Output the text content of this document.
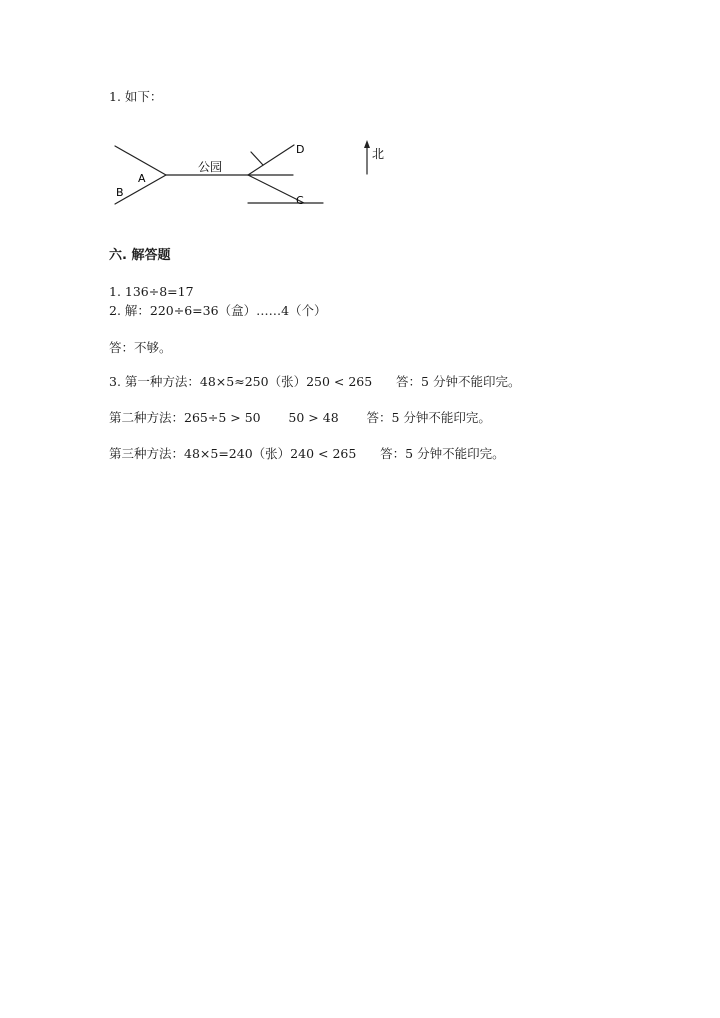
1. 如下：
公园
A
B
C
D	北
六. 解答题
1. 136÷8=17
2. 解：220÷6=36（盒）……4（个）
答：不够。
3. 第一种方法：48×5≈250（张）250 < 265      答：5 分钟不能印完。
第二种方法：265÷5 > 50       50 > 48       答：5 分钟不能印完。
第三种方法：48×5=240（张）240 < 265      答：5 分钟不能印完。
